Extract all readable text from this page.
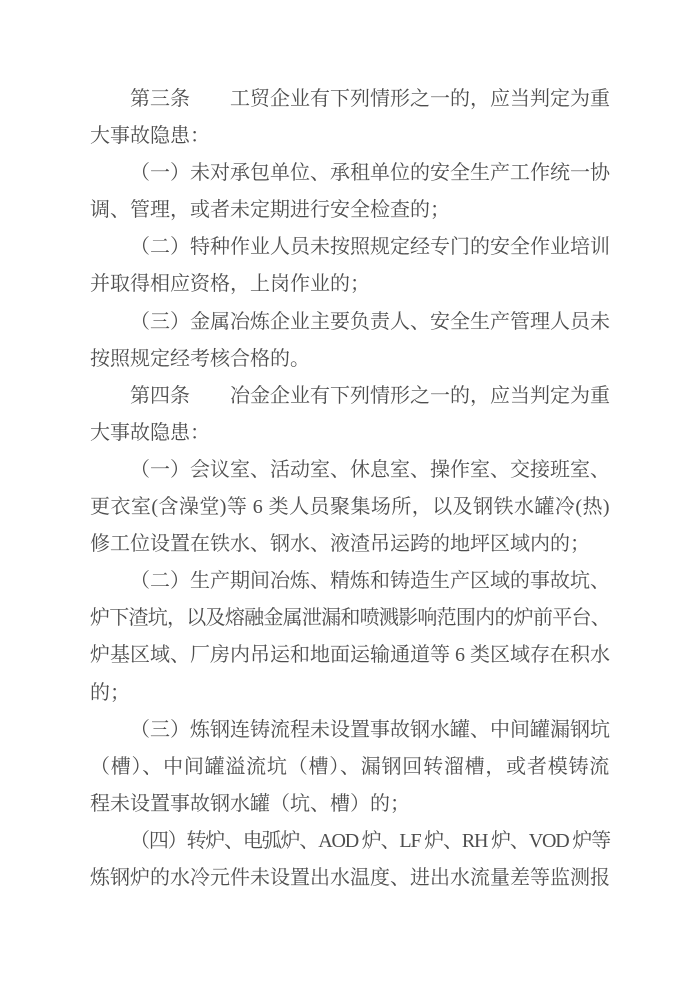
第三条　　工贸企业有下列情形之一的，应当判定为重
大事故隐患：
（一）未对承包单位、承租单位的安全生产工作统一协
调、管理，或者未定期进行安全检查的；
（二）特种作业人员未按照规定经专门的安全作业培训
并取得相应资格，上岗作业的；
（三）金属冶炼企业主要负责人、安全生产管理人员未
按照规定经考核合格的。
第四条　　冶金企业有下列情形之一的，应当判定为重
大事故隐患：
（一）会议室、活动室、休息室、操作室、交接班室、
更衣室(含澡堂)等 6 类人员聚集场所，以及钢铁水罐冷(热)
修工位设置在铁水、钢水、液渣吊运跨的地坪区域内的；
（二）生产期间冶炼、精炼和铸造生产区域的事故坑、
炉下渣坑，以及熔融金属泄漏和喷溅影响范围内的炉前平台、
炉基区域、厂房内吊运和地面运输通道等 6 类区域存在积水
的；
（三）炼钢连铸流程未设置事故钢水罐、中间罐漏钢坑
（槽）、中间罐溢流坑（槽）、漏钢回转溜槽，或者模铸流
程未设置事故钢水罐（坑、槽）的；
（四）转炉、电弧炉、AOD 炉、LF 炉、RH 炉、VOD 炉等
炼钢炉的水冷元件未设置出水温度、进出水流量差等监测报
